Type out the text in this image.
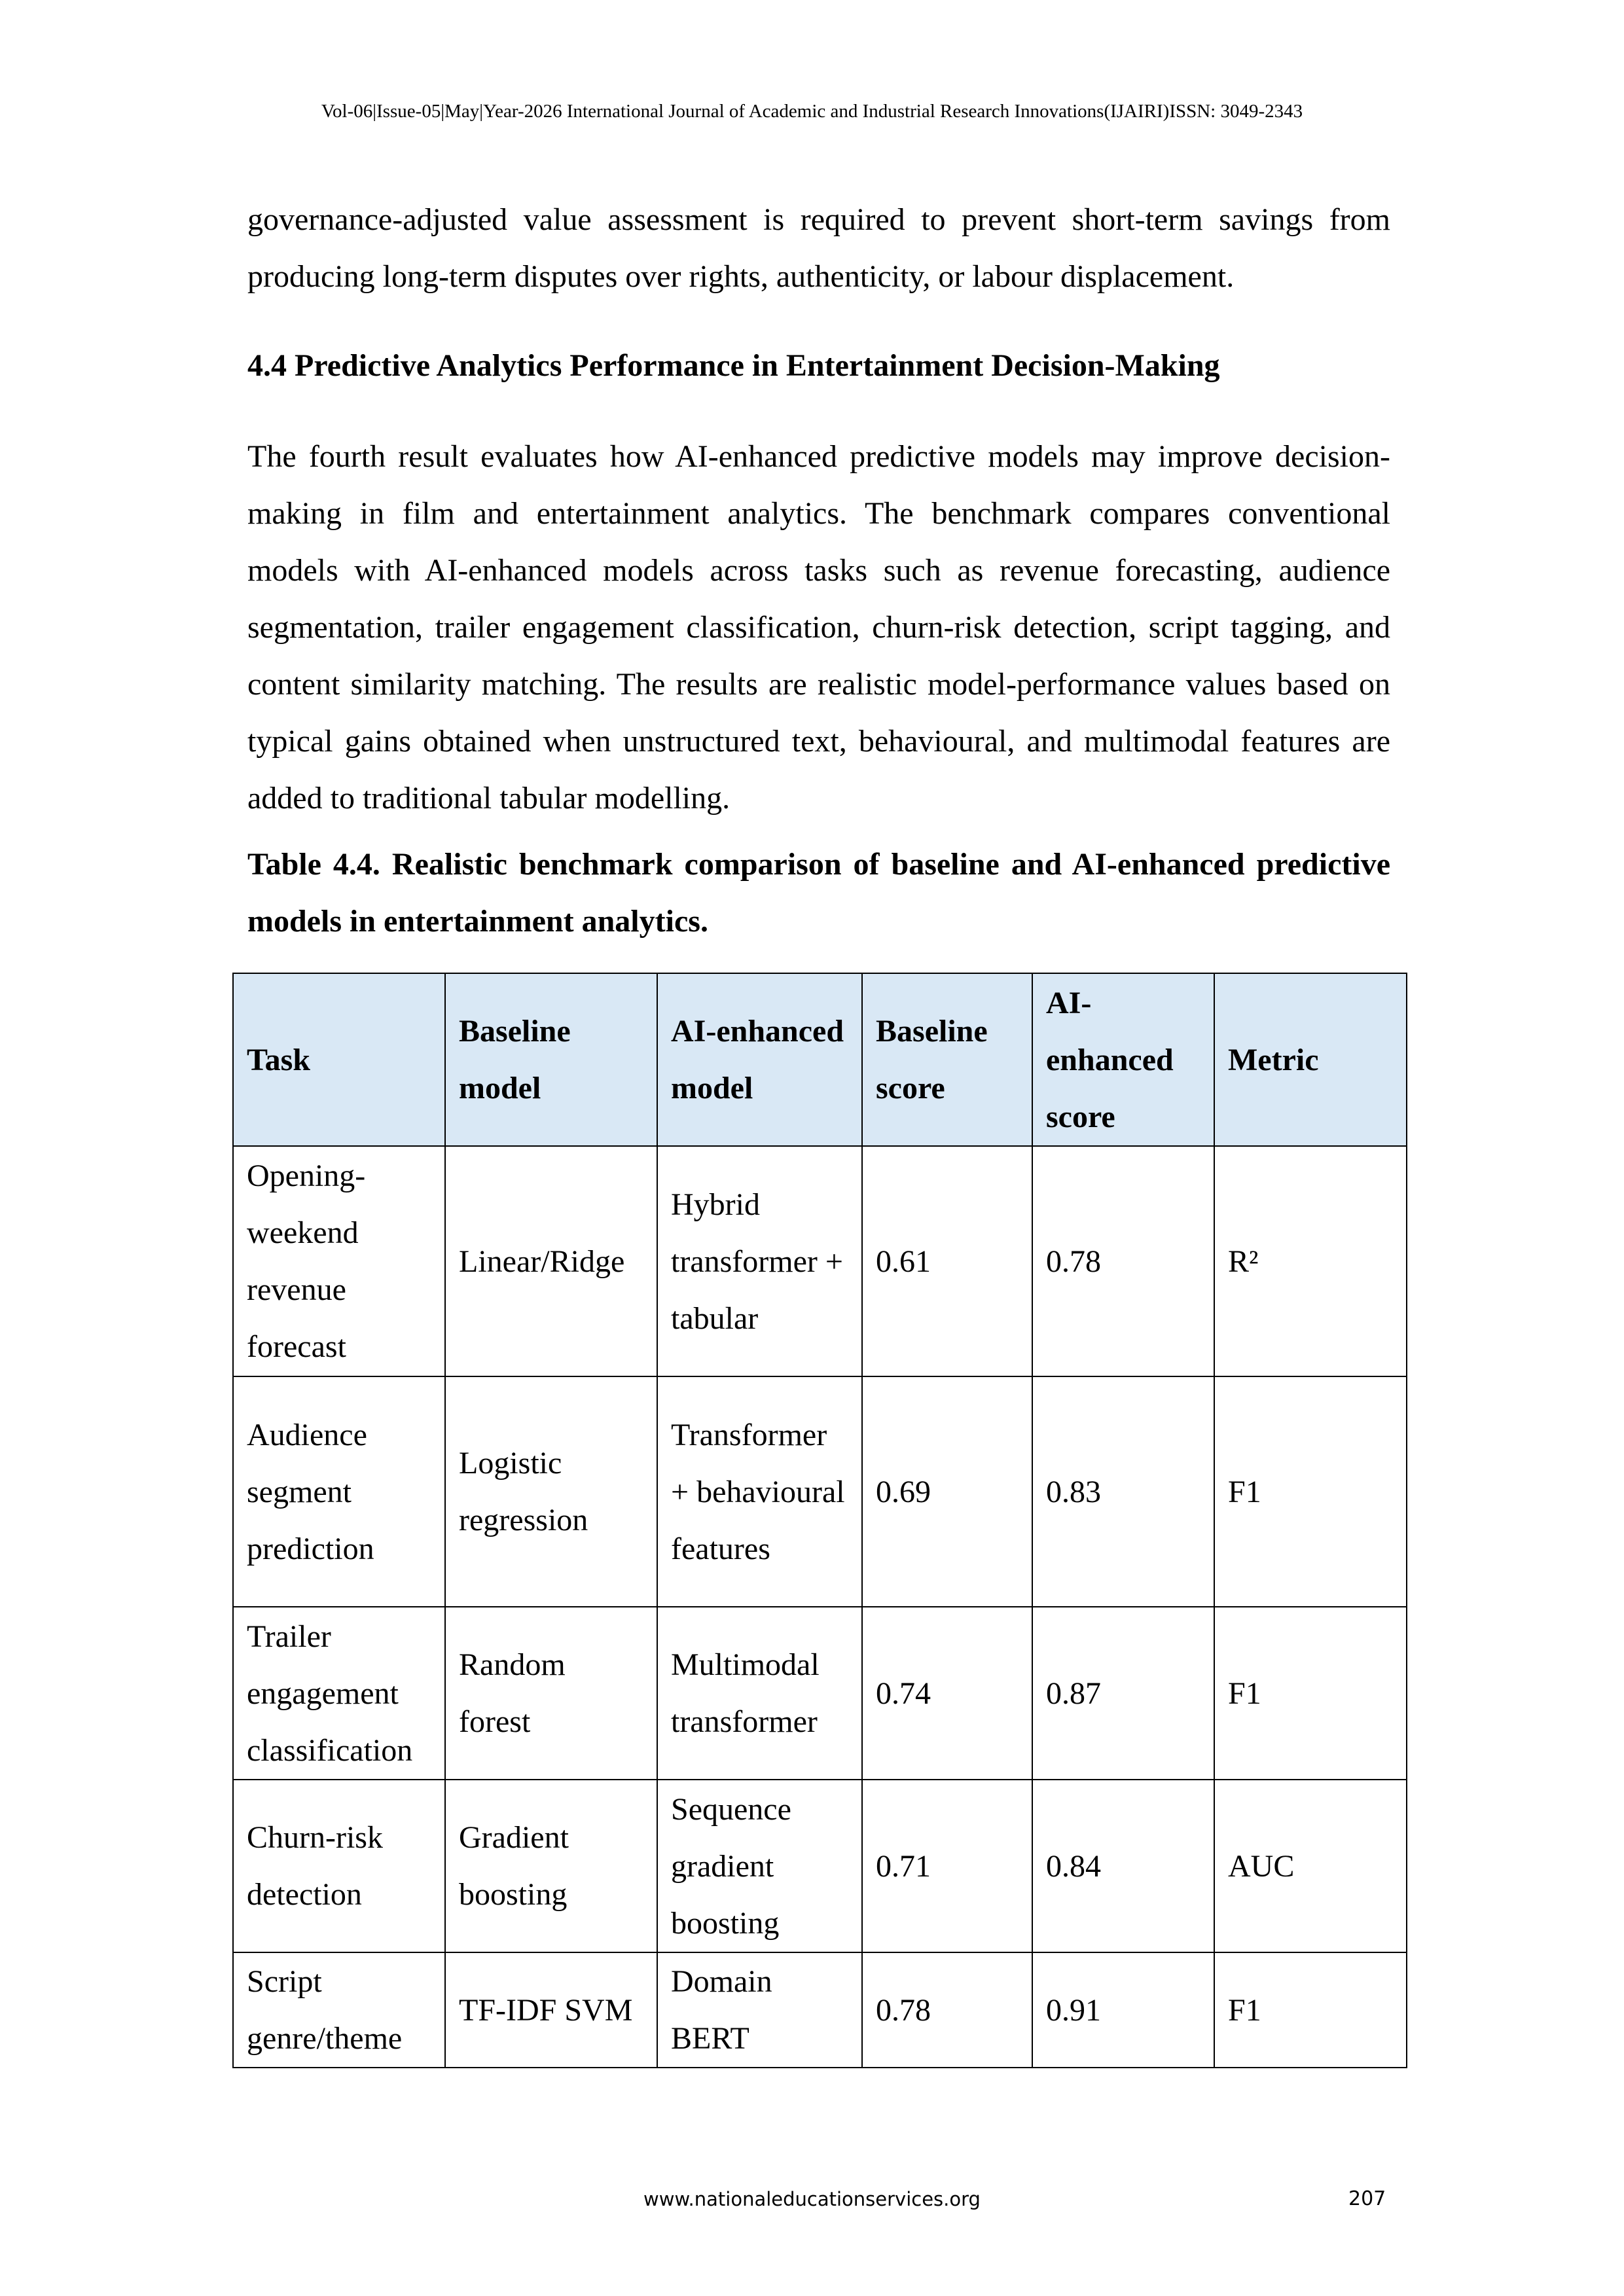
Vol-06|Issue-05|May|Year-2026 International Journal of Academic and Industrial Research Innovations(IJAIRI)ISSN: 3049-2343

governance-adjusted value assessment is required to prevent short-term savings from producing long-term disputes over rights, authenticity, or labour displacement.

4.4 Predictive Analytics Performance in Entertainment Decision-Making

The fourth result evaluates how AI-enhanced predictive models may improve decision-making in film and entertainment analytics. The benchmark compares conventional models with AI-enhanced models across tasks such as revenue forecasting, audience segmentation, trailer engagement classification, churn-risk detection, script tagging, and content similarity matching. The results are realistic model-performance values based on typical gains obtained when unstructured text, behavioural, and multimodal features are added to traditional tabular modelling.

Table 4.4. Realistic benchmark comparison of baseline and AI-enhanced predictive models in entertainment analytics.

Task	Baseline model	AI-enhanced model	Baseline score	AI-enhanced score	Metric
Opening-weekend revenue forecast	Linear/Ridge	Hybrid transformer + tabular	0.61	0.78	R²
Audience segment prediction	Logistic regression	Transformer + behavioural features	0.69	0.83	F1
Trailer engagement classification	Random forest	Multimodal transformer	0.74	0.87	F1
Churn-risk detection	Gradient boosting	Sequence gradient boosting	0.71	0.84	AUC
Script genre/theme	TF-IDF SVM	Domain BERT	0.78	0.91	F1
www.nationaleducationservices.org	207
